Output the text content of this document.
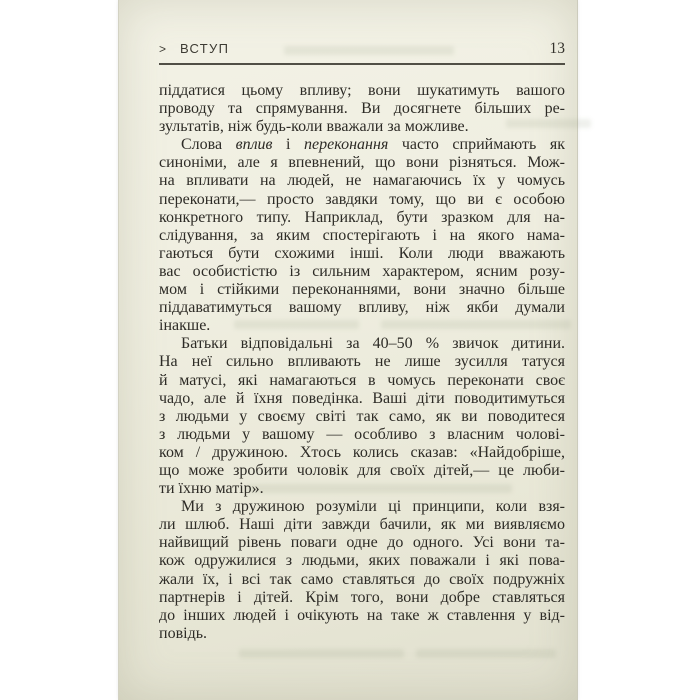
> ВСТУП	13
піддатися цьому впливу; вони шукатимуть вашого
проводу та спрямування. Ви досягнете більших ре-
зультатів, ніж будь-коли вважали за можливе.
Слова вплив і переконання часто сприймають як
синоніми, але я впевнений, що вони різняться. Мож-
на впливати на людей, не намагаючись їх у чомусь
переконати,— просто завдяки тому, що ви є особою
конкретного типу. Наприклад, бути зразком для на-
слідування, за яким спостерігають і на якого нама-
гаються бути схожими інші. Коли люди вважають
вас особистістю із сильним характером, ясним розу-
мом і стійкими переконаннями, вони значно більше
піддаватимуться вашому впливу, ніж якби думали
інакше.
Батьки відповідальні за 40–50 % звичок дитини.
На неї сильно впливають не лише зусилля татуся
й матусі, які намагаються в чомусь переконати своє
чадо, але й їхня поведінка. Ваші діти поводитимуться
з людьми у своєму світі так само, як ви поводитеся
з людьми у вашому — особливо з власним чолові-
ком / дружиною. Хтось колись сказав: «Найдобріше,
що може зробити чоловік для своїх дітей,— це люби-
ти їхню матір».
Ми з дружиною розуміли ці принципи, коли взя-
ли шлюб. Наші діти завжди бачили, як ми виявляємо
найвищий рівень поваги одне до одного. Усі вони та-
кож одружилися з людьми, яких поважали і які пова-
жали їх, і всі так само ставляться до своїх подружніх
партнерів і дітей. Крім того, вони добре ставляться
до інших людей і очікують на таке ж ставлення у від-
повідь.
